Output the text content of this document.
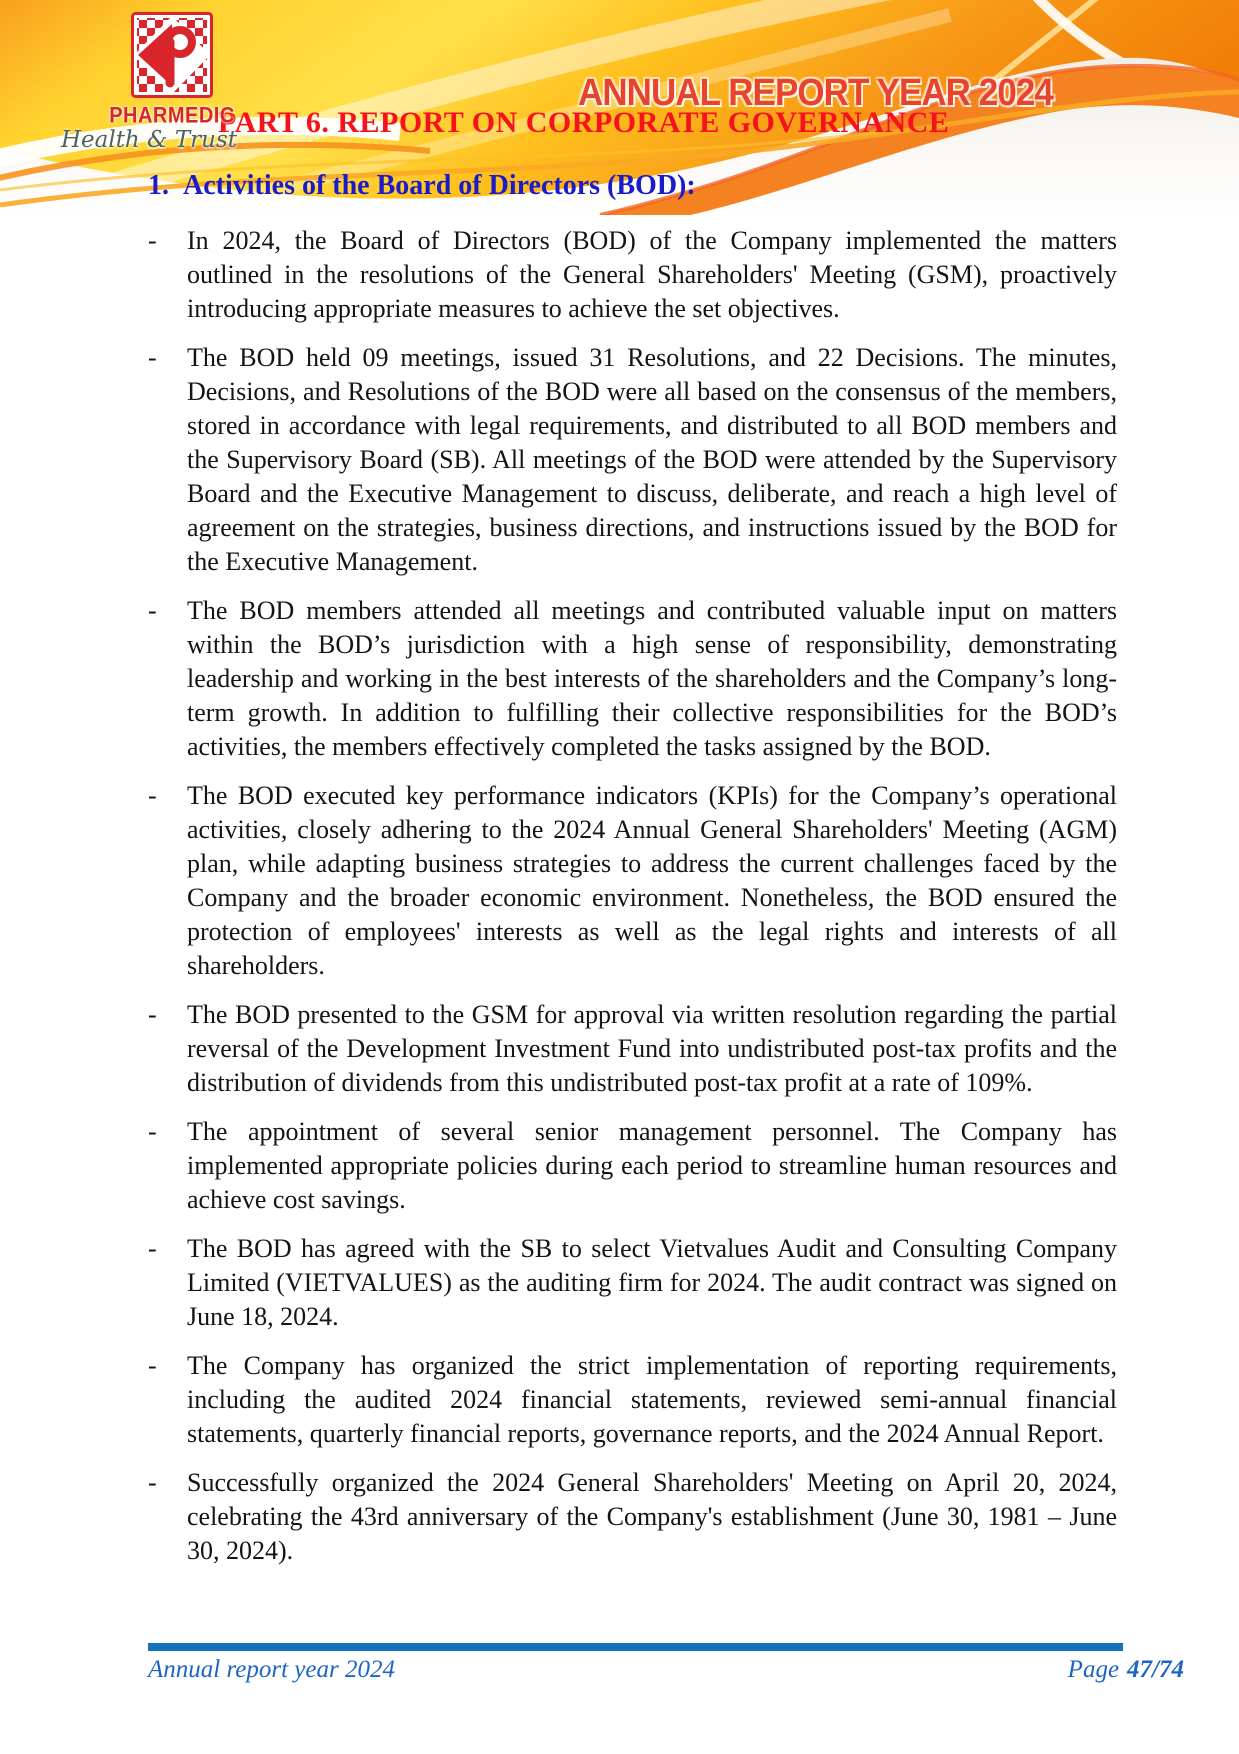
PHARMEDIC
Health & Trust
ANNUAL REPORT YEAR 2024
PART 6. REPORT ON CORPORATE GOVERNANCE
1. Activities of the Board of Directors (BOD):
-	In 2024, the Board of Directors (BOD) of the Company implemented the matters outlined in the resolutions of the General Shareholders' Meeting (GSM), proactively introducing appropriate measures to achieve the set objectives.
-	The BOD held 09 meetings, issued 31 Resolutions, and 22 Decisions. The minutes, Decisions, and Resolutions of the BOD were all based on the consensus of the members, stored in accordance with legal requirements, and distributed to all BOD members and the Supervisory Board (SB). All meetings of the BOD were attended by the Supervisory Board and the Executive Management to discuss, deliberate, and reach a high level of agreement on the strategies, business directions, and instructions issued by the BOD for the Executive Management.
-	The BOD members attended all meetings and contributed valuable input on matters within the BOD’s jurisdiction with a high sense of responsibility, demonstrating leadership and working in the best interests of the shareholders and the Company’s long-term growth. In addition to fulfilling their collective responsibilities for the BOD’s activities, the members effectively completed the tasks assigned by the BOD.
-	The BOD executed key performance indicators (KPIs) for the Company’s operational activities, closely adhering to the 2024 Annual General Shareholders' Meeting (AGM) plan, while adapting business strategies to address the current challenges faced by the Company and the broader economic environment. Nonetheless, the BOD ensured the protection of employees' interests as well as the legal rights and interests of all shareholders.
-	The BOD presented to the GSM for approval via written resolution regarding the partial reversal of the Development Investment Fund into undistributed post-tax profits and the distribution of dividends from this undistributed post-tax profit at a rate of 109%.
-	The appointment of several senior management personnel. The Company has implemented appropriate policies during each period to streamline human resources and achieve cost savings.
-	The BOD has agreed with the SB to select Vietvalues Audit and Consulting Company Limited (VIETVALUES) as the auditing firm for 2024. The audit contract was signed on June 18, 2024.
-	The Company has organized the strict implementation of reporting requirements, including the audited 2024 financial statements, reviewed semi-annual financial statements, quarterly financial reports, governance reports, and the 2024 Annual Report.
-	Successfully organized the 2024 General Shareholders' Meeting on April 20, 2024, celebrating the 43rd anniversary of the Company's establishment (June 30, 1981 – June 30, 2024).
Annual report year 2024	Page 47/74
